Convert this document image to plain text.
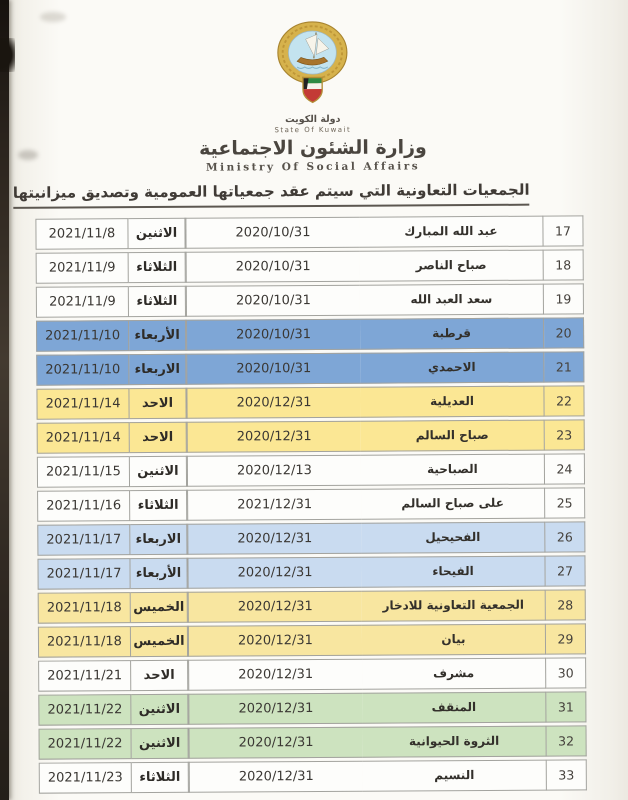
دولة الكويت
State Of Kuwait
وزارة الشئون الاجتماعية
Ministry Of Social Affairs
الجمعيات التعاونية التي سيتم عقد جمعياتها العمومية وتصديق ميزانيتها
17	عبد الله المبارك	2020/10/31	الاثنين	2021/11/8
18	صباح الناصر	2020/10/31	الثلاثاء	2021/11/9
19	سعد العبد الله	2020/10/31	الثلاثاء	2021/11/9
20	قرطبة	2020/10/31	الأربعاء	2021/11/10
21	الاحمدي	2020/10/31	الاربعاء	2021/11/10
22	العديلية	2020/12/31	الاحد	2021/11/14
23	صباح السالم	2020/12/31	الاحد	2021/11/14
24	الصباحية	2020/12/13	الاثنين	2021/11/15
25	على صباح السالم	2021/12/31	الثلاثاء	2021/11/16
26	الفحيحيل	2020/12/31	الاربعاء	2021/11/17
27	الفيحاء	2020/12/31	الأربعاء	2021/11/17
28	الجمعية التعاونية للادخار	2020/12/31	الخميس	2021/11/18
29	بيان	2020/12/31	الخميس	2021/11/18
30	مشرف	2020/12/31	الاحد	2021/11/21
31	المنقف	2020/12/31	الاثنين	2021/11/22
32	الثروة الحيوانية	2020/12/31	الاثنين	2021/11/22
33	النسيم	2020/12/31	الثلاثاء	2021/11/23
